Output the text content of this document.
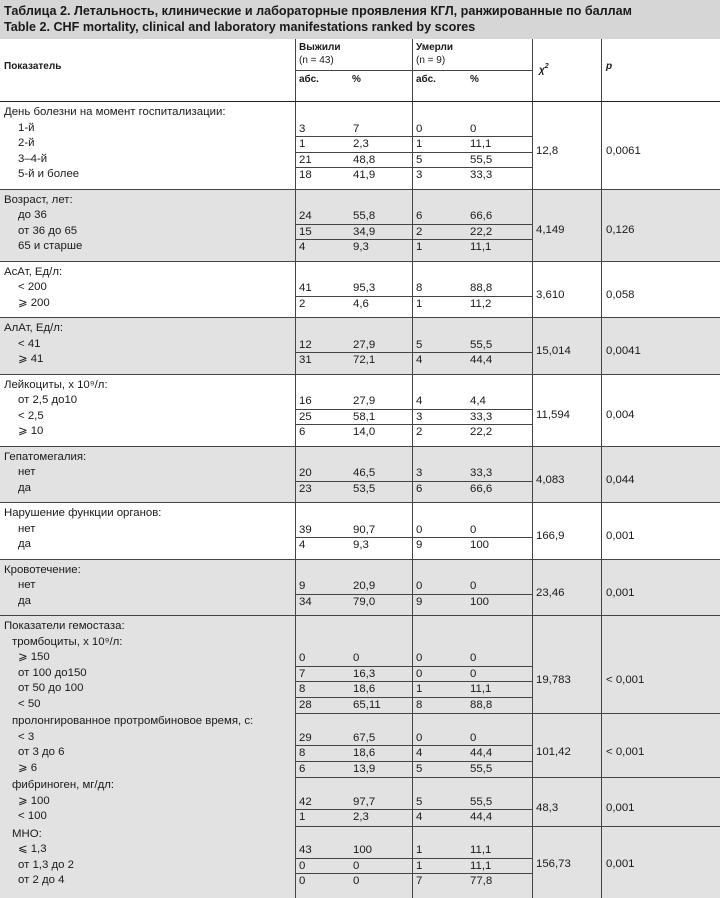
Таблица 2. Летальность, клинические и лабораторные проявления КГЛ, ранжированные по баллам
Table 2. CHF mortality, clinical and laboratory manifestations ranked by scores
Показатель
Выжили
(n = 43)
Умерли
(n = 9)
абс.	%	абс.	%
$\chi^2$	p
День болезни на момент госпитализации:
1-й	3	7	0	0
2-й	1	2,3	1	11,1
3–4-й	21	48,8	5	55,5
5-й и более	18	41,9	3	33,3
12,8	0,0061
Возраст, лет:
до 36	24	55,8	6	66,6
от 36 до 65	15	34,9	2	22,2
65 и старше	4	9,3	1	11,1
4,149	0,126
АсАт, Ед/л:
< 200	41	95,3	8	88,8
⩾ 200	2	4,6	1	11,2
3,610	0,058
АлАт, Ед/л:
< 41	12	27,9	5	55,5
⩾ 41	31	72,1	4	44,4
15,014	0,0041
Лейкоциты, х 10⁹/л:
от 2,5 до10	16	27,9	4	4,4
< 2,5	25	58,1	3	33,3
⩾ 10	6	14,0	2	22,2
11,594	0,004
Гепатомегалия:
нет	20	46,5	3	33,3
да	23	53,5	6	66,6
4,083	0,044
Нарушение функции органов:
нет	39	90,7	0	0
да	4	9,3	9	100
166,9	0,001
Кровотечение:
нет	9	20,9	0	0
да	34	79,0	9	100
23,46	0,001
Показатели гемостаза:
тромбоциты, х 10⁹/л:
⩾ 150	0	0	0	0
от 100 до150	7	16,3	0	0
от 50 до 100	8	18,6	1	11,1
< 50	28	65,11	8	88,8
19,783	< 0,001
пролонгированное протромбиновое время, с:
< 3	29	67,5	0	0
от 3 до 6	8	18,6	4	44,4
⩾ 6	6	13,9	5	55,5
101,42	< 0,001
фибриноген, мг/дл:
⩾ 100	42	97,7	5	55,5
< 100	1	2,3	4	44,4
48,3	0,001
МНО:
⩽ 1,3	43	100	1	11,1
от 1,3 до 2	0	0	1	11,1
от 2 до 4	0	0	7	77,8
156,73	0,001
